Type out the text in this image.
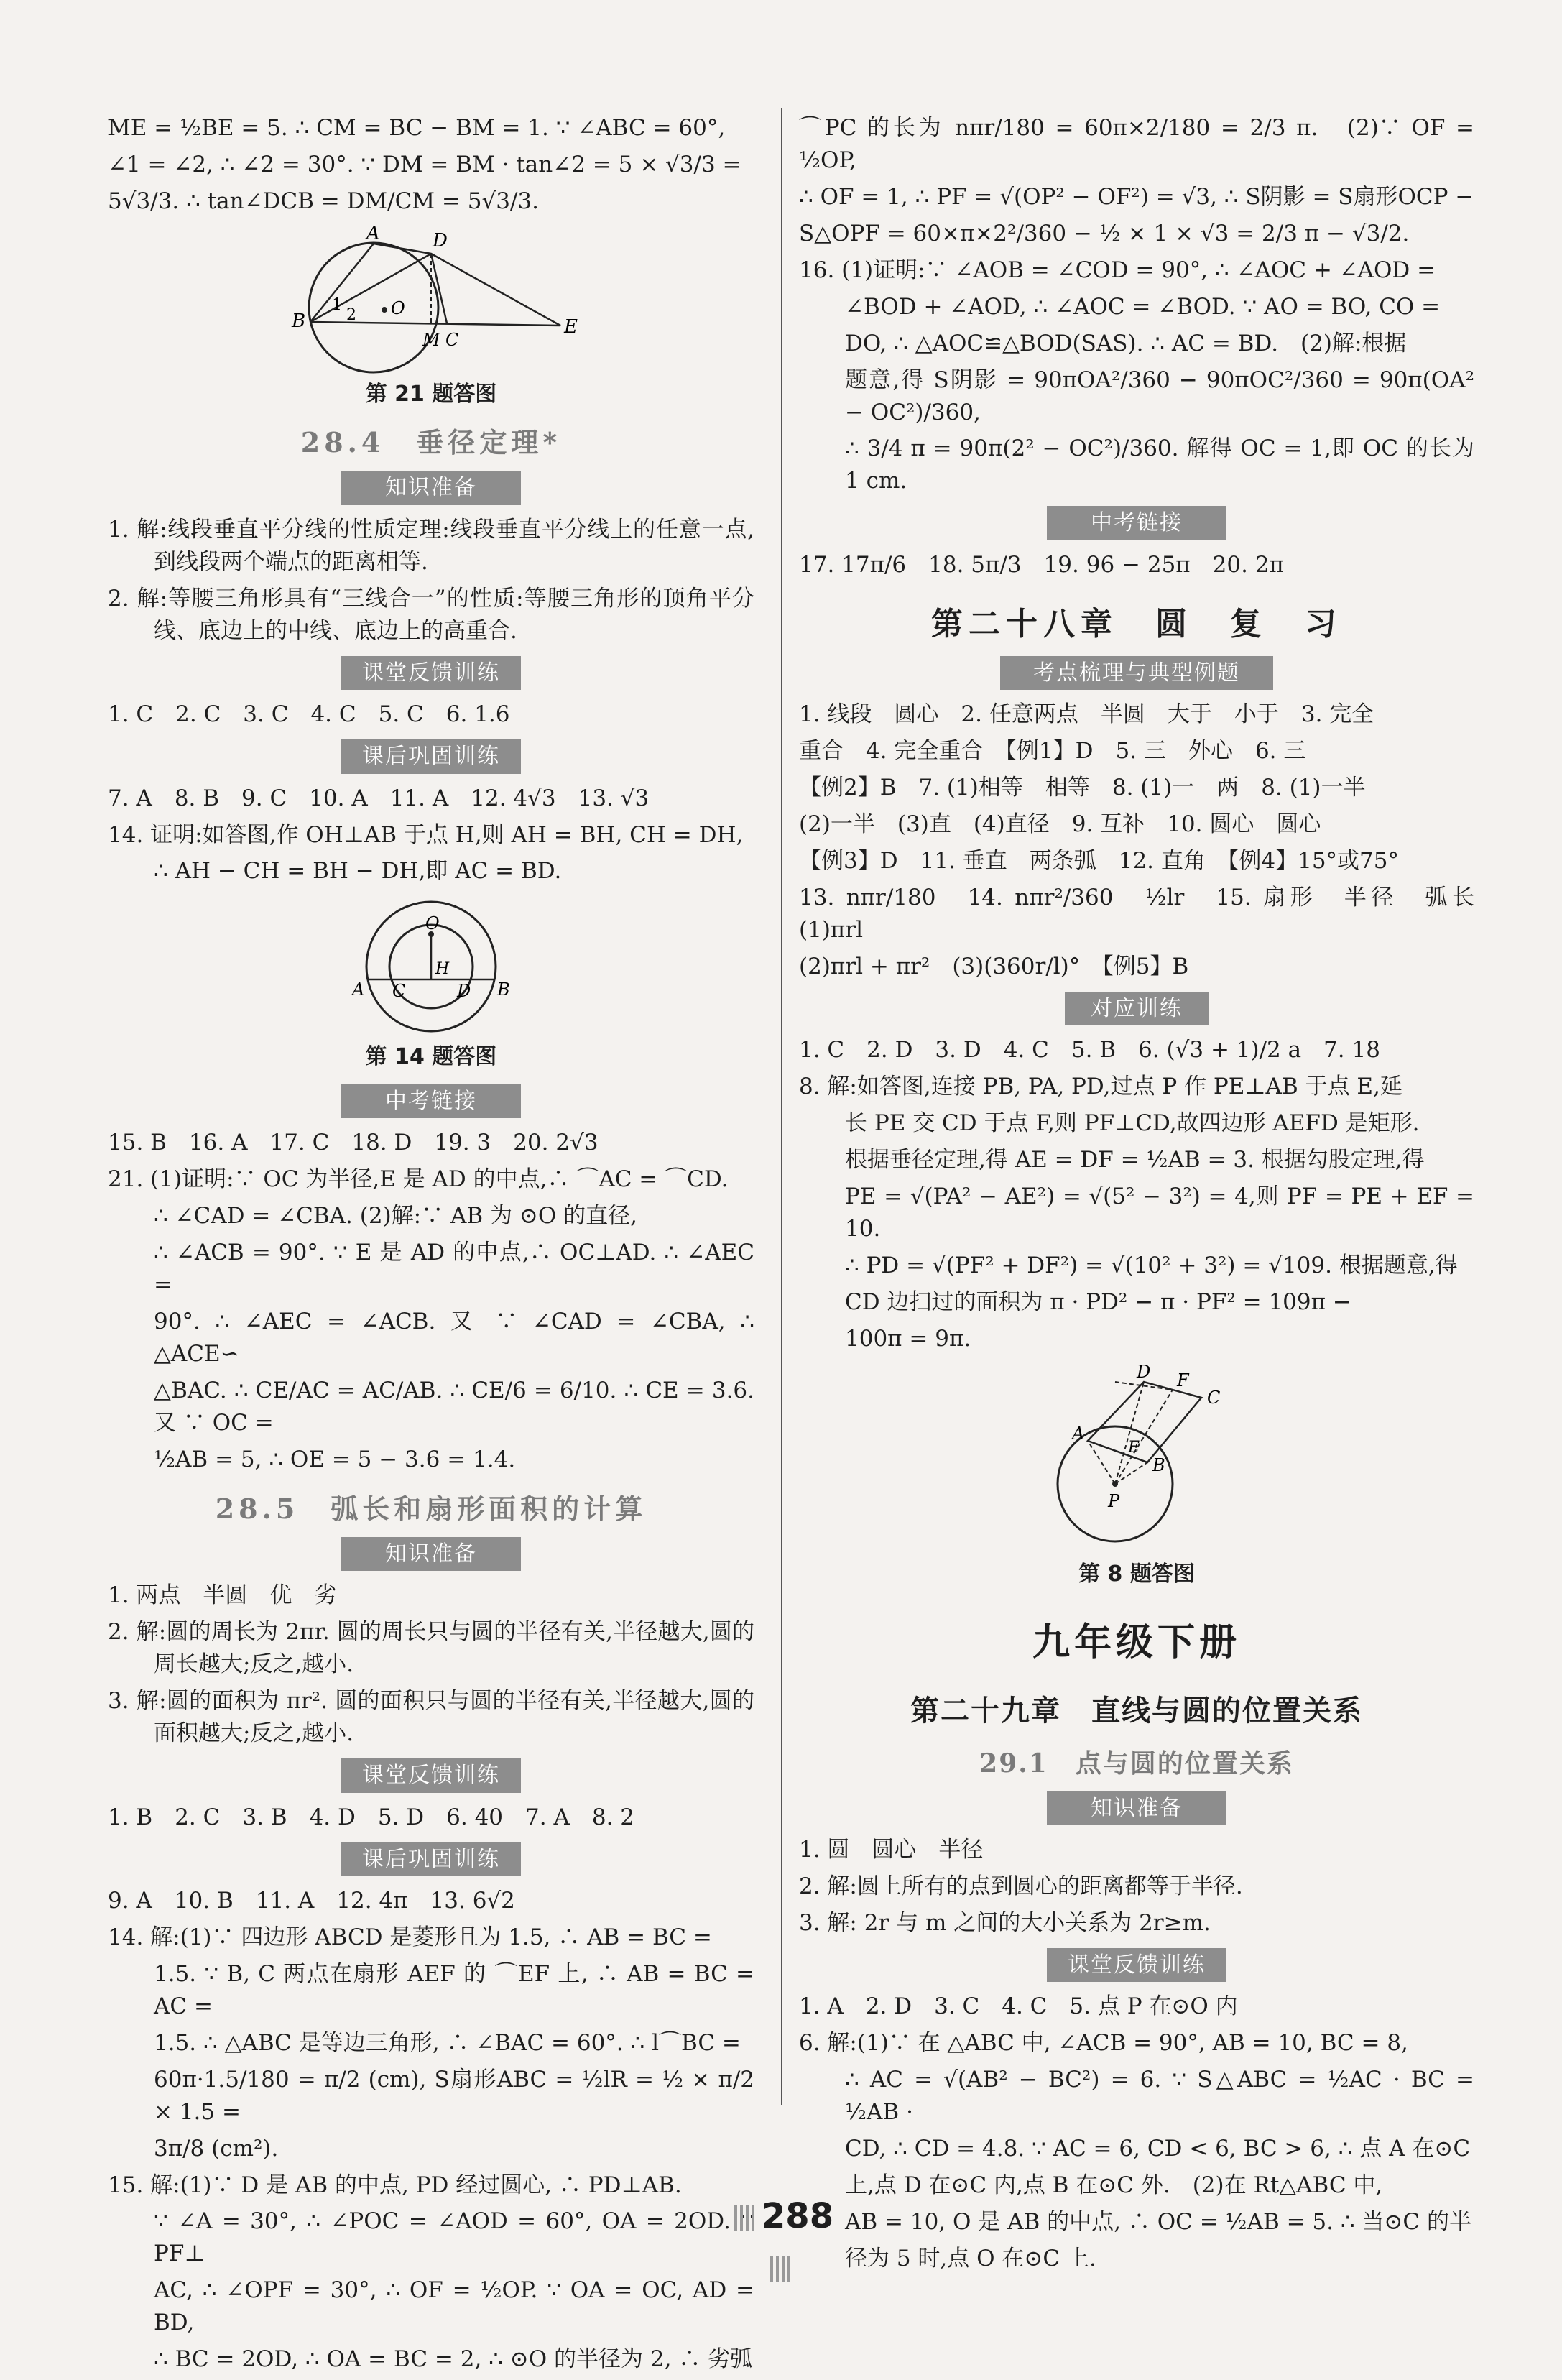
ME = ½BE = 5. ∴ CM = BC − BM = 1. ∵ ∠ABC = 60°,
∠1 = ∠2, ∴ ∠2 = 30°. ∵ DM = BM · tan∠2 = 5 × √3/3 =
5√3/3. ∴ tan∠DCB = DM/CM = 5√3/3.
A	D
B
1
2 O
M C
E
第 21 题答图
28.4　垂径定理*
知识准备
1. 解:线段垂直平分线的性质定理:线段垂直平分线上的任意一点,到线段两个端点的距离相等.
2. 解:等腰三角形具有“三线合一”的性质:等腰三角形的顶角平分线、底边上的中线、底边上的高重合.
课堂反馈训练
1. C　2. C　3. C　4. C　5. C　6. 1.6
课后巩固训练
7. A　8. B　9. C　10. A　11. A　12. 4√3　13. √3
14. 证明:如答图,作 OH⊥AB 于点 H,则 AH = BH, CH = DH,
∴ AH − CH = BH − DH,即 AC = BD.
O
H
A C	D B
第 14 题答图
中考链接
15. B　16. A　17. C　18. D　19. 3　20. 2√3
21. (1)证明:∵ OC 为半径,E 是 AD 的中点,∴ ⌒AC = ⌒CD.
∴ ∠CAD = ∠CBA. (2)解:∵ AB 为 ⊙O 的直径,
∴ ∠ACB = 90°. ∵ E 是 AD 的中点,∴ OC⊥AD. ∴ ∠AEC =
90°. ∴ ∠AEC = ∠ACB. 又 ∵ ∠CAD = ∠CBA, ∴ △ACE∽
△BAC. ∴ CE/AC = AC/AB. ∴ CE/6 = 6/10. ∴ CE = 3.6. 又 ∵ OC =
½AB = 5, ∴ OE = 5 − 3.6 = 1.4.
28.5　弧长和扇形面积的计算
知识准备
1. 两点　半圆　优　劣
2. 解:圆的周长为 2πr. 圆的周长只与圆的半径有关,半径越大,圆的周长越大;反之,越小.
3. 解:圆的面积为 πr². 圆的面积只与圆的半径有关,半径越大,圆的面积越大;反之,越小.
课堂反馈训练
1. B　2. C　3. B　4. D　5. D　6. 40　7. A　8. 2
课后巩固训练
9. A　10. B　11. A　12. 4π　13. 6√2
14. 解:(1)∵ 四边形 ABCD 是菱形且为 1.5, ∴ AB = BC =
1.5. ∵ B, C 两点在扇形 AEF 的 ⌒EF 上, ∴ AB = BC = AC =
1.5. ∴ △ABC 是等边三角形, ∴ ∠BAC = 60°. ∴ l⌒BC =
60π·1.5/180 = π/2 (cm), S扇形ABC = ½lR = ½ × π/2 × 1.5 =
3π/8 (cm²).
15. 解:(1)∵ D 是 AB 的中点, PD 经过圆心, ∴ PD⊥AB.
∵ ∠A = 30°, ∴ ∠POC = ∠AOD = 60°, OA = 2OD. ∵ PF⊥
AC, ∴ ∠OPF = 30°, ∴ OF = ½OP. ∵ OA = OC, AD = BD,
∴ BC = 2OD, ∴ OA = BC = 2, ∴ ⊙O 的半径为 2, ∴ 劣弧
⌒PC 的长为 nπr/180 = 60π×2/180 = 2/3 π.　(2)∵ OF = ½OP,
∴ OF = 1, ∴ PF = √(OP² − OF²) = √3, ∴ S阴影 = S扇形OCP −
S△OPF = 60×π×2²/360 − ½ × 1 × √3 = 2/3 π − √3/2.
16. (1)证明:∵ ∠AOB = ∠COD = 90°, ∴ ∠AOC + ∠AOD =
∠BOD + ∠AOD, ∴ ∠AOC = ∠BOD. ∵ AO = BO, CO =
DO, ∴ △AOC≌△BOD(SAS). ∴ AC = BD.　(2)解:根据
题意,得 S阴影 = 90πOA²/360 − 90πOC²/360 = 90π(OA² − OC²)/360,
∴ 3/4 π = 90π(2² − OC²)/360. 解得 OC = 1,即 OC 的长为 1 cm.
中考链接
17. 17π/6　18. 5π/3　19. 96 − 25π　20. 2π
第二十八章　圆　复　习
考点梳理与典型例题
1. 线段　圆心　2. 任意两点　半圆　大于　小于　3. 完全
重合　4. 完全重合　【例1】D　5. 三　外心　6. 三
【例2】B　7. (1)相等　相等　8. (1)一　两　8. (1)一半
(2)一半　(3)直　(4)直径　9. 互补　10. 圆心　圆心
【例3】D　11. 垂直　两条弧　12. 直角　【例4】15°或75°
13. nπr/180　14. nπr²/360　½lr　15. 扇形　半径　弧长　(1)πrl
(2)πrl + πr²　(3)(360r/l)°　【例5】B
对应训练
1. C　2. D　3. D　4. C　5. B　6. (√3 + 1)/2 a　7. 18
8. 解:如答图,连接 PB, PA, PD,过点 P 作 PE⊥AB 于点 E,延
长 PE 交 CD 于点 F,则 PF⊥CD,故四边形 AEFD 是矩形.
根据垂径定理,得 AE = DF = ½AB = 3. 根据勾股定理,得
PE = √(PA² − AE²) = √(5² − 3²) = 4,则 PF = PE + EF = 10.
∴ PD = √(PF² + DF²) = √(10² + 3²) = √109. 根据题意,得
CD 边扫过的面积为 π · PD² − π · PF² = 109π −
100π = 9π.
D F
C
A
E
B
P
第 8 题答图
九年级下册
第二十九章　直线与圆的位置关系
29.1　点与圆的位置关系
知识准备
1. 圆　圆心　半径
2. 解:圆上所有的点到圆心的距离都等于半径.
3. 解: 2r 与 m 之间的大小关系为 2r≥m.
课堂反馈训练
1. A　2. D　3. C　4. C　5. 点 P 在⊙O 内
6. 解:(1)∵ 在 △ABC 中, ∠ACB = 90°, AB = 10, BC = 8,
∴ AC = √(AB² − BC²) = 6. ∵ S△ABC = ½AC · BC = ½AB ·
CD, ∴ CD = 4.8. ∵ AC = 6, CD < 6, BC > 6, ∴ 点 A 在⊙C
上,点 D 在⊙C 内,点 B 在⊙C 外.　(2)在 Rt△ABC 中,
AB = 10, O 是 AB 的中点, ∴ OC = ½AB = 5. ∴ 当⊙C 的半
径为 5 时,点 O 在⊙C 上.
288
